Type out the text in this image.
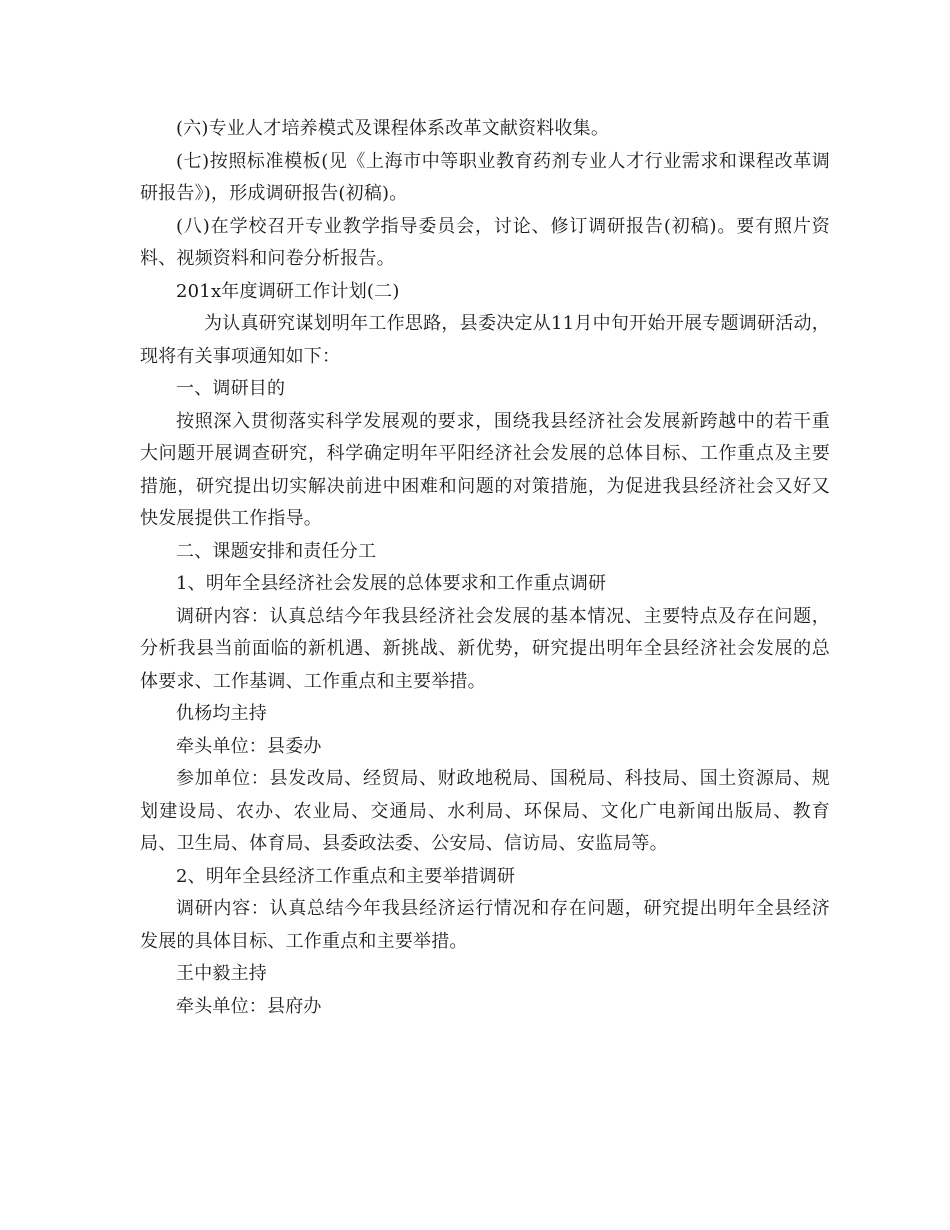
(六)专业人才培养模式及课程体系改革文献资料收集。

(七)按照标准模板(见《上海市中等职业教育药剂专业人才行业需求和课程改革调研报告》)，形成调研报告(初稿)。

(八)在学校召开专业教学指导委员会，讨论、修订调研报告(初稿)。要有照片资料、视频资料和问卷分析报告。

201x年度调研工作计划(二)

为认真研究谋划明年工作思路，县委决定从11月中旬开始开展专题调研活动，现将有关事项通知如下：

一、调研目的

按照深入贯彻落实科学发展观的要求，围绕我县经济社会发展新跨越中的若干重大问题开展调查研究，科学确定明年平阳经济社会发展的总体目标、工作重点及主要措施，研究提出切实解决前进中困难和问题的对策措施，为促进我县经济社会又好又快发展提供工作指导。

二、课题安排和责任分工

1、明年全县经济社会发展的总体要求和工作重点调研

调研内容：认真总结今年我县经济社会发展的基本情况、主要特点及存在问题，分析我县当前面临的新机遇、新挑战、新优势，研究提出明年全县经济社会发展的总体要求、工作基调、工作重点和主要举措。

仇杨均主持

牵头单位：县委办

参加单位：县发改局、经贸局、财政地税局、国税局、科技局、国土资源局、规划建设局、农办、农业局、交通局、水利局、环保局、文化广电新闻出版局、教育局、卫生局、体育局、县委政法委、公安局、信访局、安监局等。

2、明年全县经济工作重点和主要举措调研

调研内容：认真总结今年我县经济运行情况和存在问题，研究提出明年全县经济发展的具体目标、工作重点和主要举措。

王中毅主持

牵头单位：县府办
